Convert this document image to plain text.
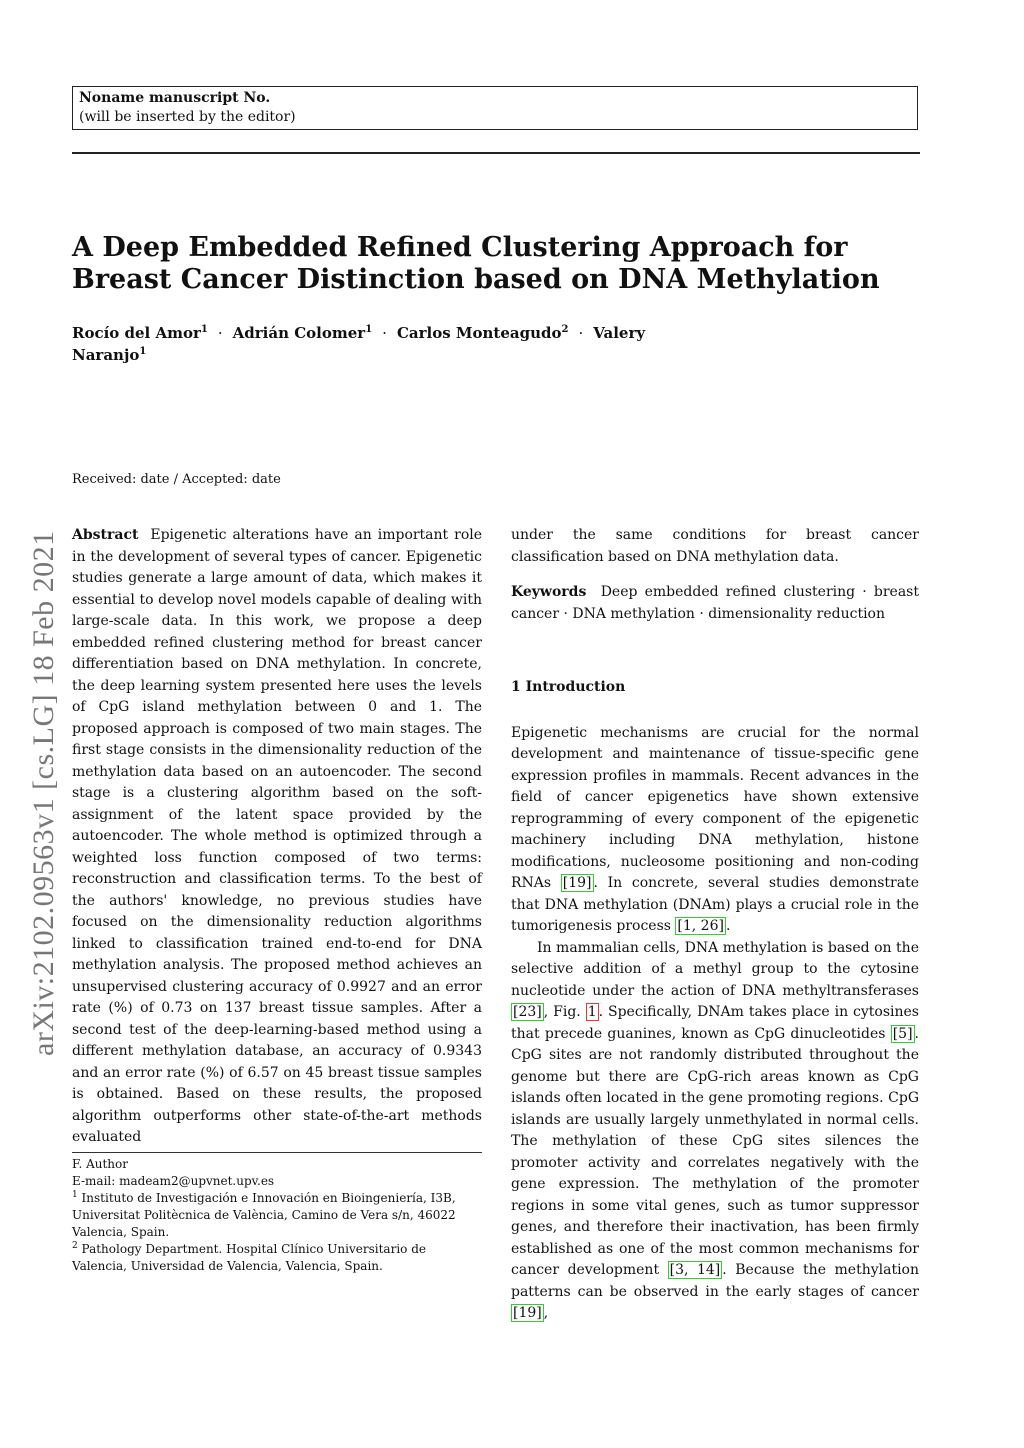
Noname manuscript No.
(will be inserted by the editor)
A Deep Embedded Refined Clustering Approach for Breast Cancer Distinction based on DNA Methylation
Rocío del Amor$^1$ · Adrián Colomer$^1$ · Carlos Monteagudo$^2$ · Valery Naranjo$^1$
Received: date / Accepted: date
arXiv:2102.09563v1 [cs.LG] 18 Feb 2021 Abstract Epigenetic alterations have an important role in the development of several types of cancer. Epigenetic studies generate a large amount of data, which makes it essential to develop novel models capable of dealing with large-scale data. In this work, we propose a deep embedded refined clustering method for breast cancer differentiation based on DNA methylation. In concrete, the deep learning system presented here uses the levels of CpG island methylation between 0 and 1. The proposed approach is composed of two main stages. The first stage consists in the dimensionality reduction of the methylation data based on an autoencoder. The second stage is a clustering algorithm based on the soft-assignment of the latent space provided by the autoencoder. The whole method is optimized through a weighted loss function composed of two terms: reconstruction and classification terms. To the best of the authors' knowledge, no previous studies have focused on the dimensionality reduction algorithms linked to classification trained end-to-end for DNA methylation analysis. The proposed method achieves an unsupervised clustering accuracy of 0.9927 and an error rate (%) of 0.73 on 137 breast tissue samples. After a second test of the deep-learning-based method using a different methylation database, an accuracy of 0.9343 and an error rate (%) of 6.57 on 45 breast tissue samples is obtained. Based on these results, the proposed algorithm outperforms other state-of-the-art methods evaluated

F. Author
E-mail: madeam2@upvnet.upv.es
$^1$ Instituto de Investigación e Innovación en Bioingeniería, I3B, Universitat Politècnica de València, Camino de Vera s/n, 46022 Valencia, Spain.
$^2$ Pathology Department. Hospital Clínico Universitario de Valencia, Universidad de Valencia, Valencia, Spain.

under the same conditions for breast cancer classification based on DNA methylation data.

Keywords Deep embedded refined clustering · breast cancer · DNA methylation · dimensionality reduction

1 Introduction

Epigenetic mechanisms are crucial for the normal development and maintenance of tissue-specific gene expression profiles in mammals. Recent advances in the field of cancer epigenetics have shown extensive reprogramming of every component of the epigenetic machinery including DNA methylation, histone modifications, nucleosome positioning and non-coding RNAs [19] . In concrete, several studies demonstrate that DNA methylation (DNAm) plays a crucial role in the tumorigenesis process [1, 26] .

In mammalian cells, DNA methylation is based on the selective addition of a methyl group to the cytosine nucleotide under the action of DNA methyltransferases [23] , Fig. 1 . Specifically, DNAm takes place in cytosines that precede guanines, known as CpG dinucleotides [5] . CpG sites are not randomly distributed throughout the genome but there are CpG-rich areas known as CpG islands often located in the gene promoting regions. CpG islands are usually largely unmethylated in normal cells. The methylation of these CpG sites silences the promoter activity and correlates negatively with the gene expression. The methylation of the promoter regions in some vital genes, such as tumor suppressor genes, and therefore their inactivation, has been firmly established as one of the most common mechanisms for cancer development [3, 14] . Because the methylation patterns can be observed in the early stages of cancer [19] ,
